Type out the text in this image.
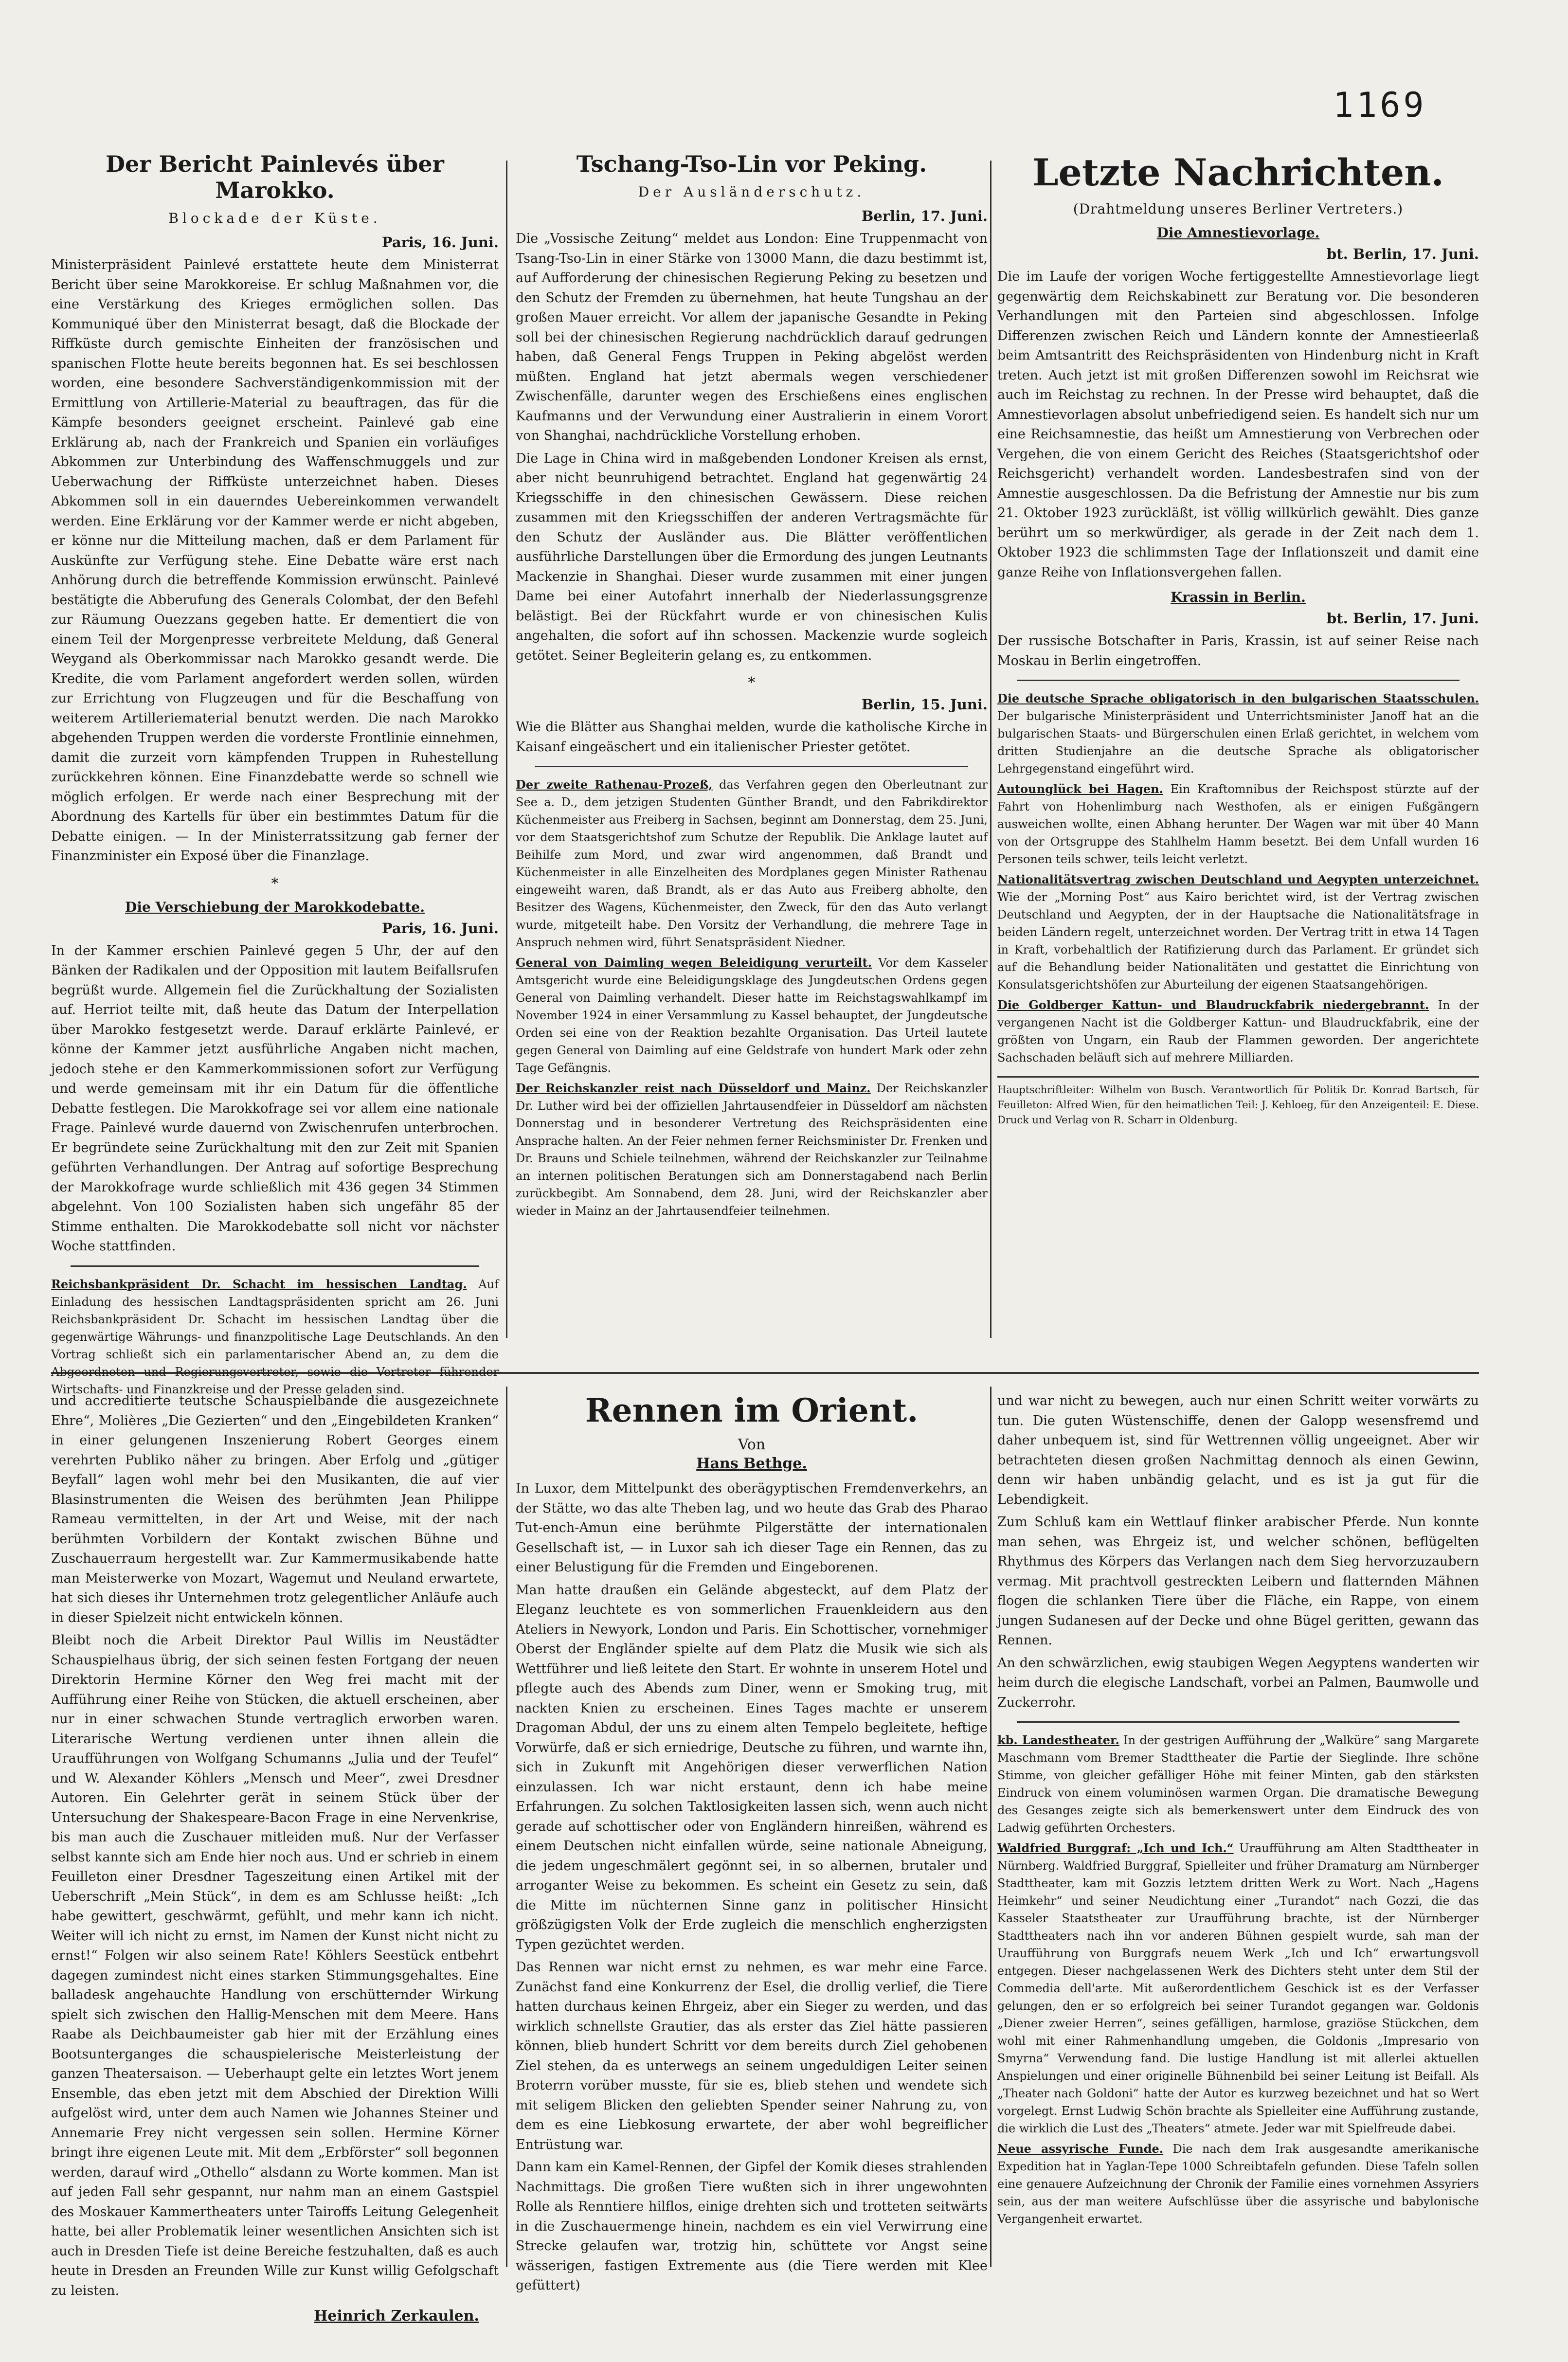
1169
Der Bericht Painlevés über Marokko.
Blockade der Küste.
Paris, 16. Juni.

Ministerpräsident Painlevé erstattete heute dem Ministerrat Bericht über seine Marokkoreise. Er schlug Maßnahmen vor, die eine Verstärkung des Krieges ermöglichen sollen. Das Kommuniqué über den Ministerrat besagt, daß die Blockade der Riffküste durch gemischte Einheiten der französischen und spanischen Flotte heute bereits begonnen hat. Es sei beschlossen worden, eine besondere Sachverständigenkommission mit der Ermittlung von Artillerie-Material zu beauftragen, das für die Kämpfe besonders geeignet erscheint. Painlevé gab eine Erklärung ab, nach der Frankreich und Spanien ein vorläufiges Abkommen zur Unterbindung des Waffenschmuggels und zur Ueberwachung der Riffküste unterzeichnet haben. Dieses Abkommen soll in ein dauerndes Uebereinkommen verwandelt werden. Eine Erklärung vor der Kammer werde er nicht abgeben, er könne nur die Mitteilung machen, daß er dem Parlament für Auskünfte zur Verfügung stehe. Eine Debatte wäre erst nach Anhörung durch die betreffende Kommission erwünscht. Painlevé bestätigte die Abberufung des Generals Colombat, der den Befehl zur Räumung Ouezzans gegeben hatte. Er dementiert die von einem Teil der Morgenpresse verbreitete Meldung, daß General Weygand als Oberkommissar nach Marokko gesandt werde. Die Kredite, die vom Parlament angefordert werden sollen, würden zur Errichtung von Flugzeugen und für die Beschaffung von weiterem Artilleriematerial benutzt werden. Die nach Marokko abgehenden Truppen werden die vorderste Frontlinie einnehmen, damit die zurzeit vorn kämpfenden Truppen in Ruhestellung zurückkehren können. Eine Finanzdebatte werde so schnell wie möglich erfolgen. Er werde nach einer Besprechung mit der Abordnung des Kartells für über ein bestimmtes Datum für die Debatte einigen. — In der Ministerratssitzung gab ferner der Finanzminister ein Exposé über die Finanzlage.

*
Die Verschiebung der Marokkodebatte.
Paris, 16. Juni.

In der Kammer erschien Painlevé gegen 5 Uhr, der auf den Bänken der Radikalen und der Opposition mit lautem Beifallsrufen begrüßt wurde. Allgemein fiel die Zurückhaltung der Sozialisten auf. Herriot teilte mit, daß heute das Datum der Interpellation über Marokko festgesetzt werde. Darauf erklärte Painlevé, er könne der Kammer jetzt ausführliche Angaben nicht machen, jedoch stehe er den Kammerkommissionen sofort zur Verfügung und werde gemeinsam mit ihr ein Datum für die öffentliche Debatte festlegen. Die Marokkofrage sei vor allem eine nationale Frage. Painlevé wurde dauernd von Zwischenrufen unterbrochen. Er begründete seine Zurückhaltung mit den zur Zeit mit Spanien geführten Verhandlungen. Der Antrag auf sofortige Besprechung der Marokkofrage wurde schließlich mit 436 gegen 34 Stimmen abgelehnt. Von 100 Sozialisten haben sich ungefähr 85 der Stimme enthalten. Die Marokkodebatte soll nicht vor nächster Woche stattfinden.

Reichsbankpräsident Dr. Schacht im hessischen Landtag. Auf Einladung des hessischen Landtagspräsidenten spricht am 26. Juni Reichsbankpräsident Dr. Schacht im hessischen Landtag über die gegenwärtige Währungs- und finanzpolitische Lage Deutschlands. An den Vortrag schließt sich ein parlamentarischer Abend an, zu dem die Abgeordneten und Regierungsvertreter, sowie die Vertreter führender Wirtschafts- und Finanzkreise und der Presse geladen sind.

Tschang-Tso-Lin vor Peking.
Der Ausländerschutz.
Berlin, 17. Juni.

Die „Vossische Zeitung“ meldet aus London: Eine Truppenmacht von Tsang-Tso-Lin in einer Stärke von 13000 Mann, die dazu bestimmt ist, auf Aufforderung der chinesischen Regierung Peking zu besetzen und den Schutz der Fremden zu übernehmen, hat heute Tungshau an der großen Mauer erreicht. Vor allem der japanische Gesandte in Peking soll bei der chinesischen Regierung nachdrücklich darauf gedrungen haben, daß General Fengs Truppen in Peking abgelöst werden müßten. England hat jetzt abermals wegen verschiedener Zwischenfälle, darunter wegen des Erschießens eines englischen Kaufmanns und der Verwundung einer Australierin in einem Vorort von Shanghai, nachdrückliche Vorstellung erhoben.

Die Lage in China wird in maßgebenden Londoner Kreisen als ernst, aber nicht beunruhigend betrachtet. England hat gegenwärtig 24 Kriegsschiffe in den chinesischen Gewässern. Diese reichen zusammen mit den Kriegsschiffen der anderen Vertragsmächte für den Schutz der Ausländer aus. Die Blätter veröffentlichen ausführliche Darstellungen über die Ermordung des jungen Leutnants Mackenzie in Shanghai. Dieser wurde zusammen mit einer jungen Dame bei einer Autofahrt innerhalb der Niederlassungsgrenze belästigt. Bei der Rückfahrt wurde er von chinesischen Kulis angehalten, die sofort auf ihn schossen. Mackenzie wurde sogleich getötet. Seiner Begleiterin gelang es, zu entkommen.

*
Berlin, 15. Juni.

Wie die Blätter aus Shanghai melden, wurde die katholische Kirche in Kaisanf eingeäschert und ein italienischer Priester getötet.

Der zweite Rathenau-Prozeß, das Verfahren gegen den Oberleutnant zur See a. D., dem jetzigen Studenten Günther Brandt, und den Fabrikdirektor Küchenmeister aus Freiberg in Sachsen, beginnt am Donnerstag, dem 25. Juni, vor dem Staatsgerichtshof zum Schutze der Republik. Die Anklage lautet auf Beihilfe zum Mord, und zwar wird angenommen, daß Brandt und Küchenmeister in alle Einzelheiten des Mordplanes gegen Minister Rathenau eingeweiht waren, daß Brandt, als er das Auto aus Freiberg abholte, den Besitzer des Wagens, Küchenmeister, den Zweck, für den das Auto verlangt wurde, mitgeteilt habe. Den Vorsitz der Verhandlung, die mehrere Tage in Anspruch nehmen wird, führt Senatspräsident Niedner.

General von Daimling wegen Beleidigung verurteilt. Vor dem Kasseler Amtsgericht wurde eine Beleidigungsklage des Jungdeutschen Ordens gegen General von Daimling verhandelt. Dieser hatte im Reichstagswahlkampf im November 1924 in einer Versammlung zu Kassel behauptet, der Jungdeutsche Orden sei eine von der Reaktion bezahlte Organisation. Das Urteil lautete gegen General von Daimling auf eine Geldstrafe von hundert Mark oder zehn Tage Gefängnis.

Der Reichskanzler reist nach Düsseldorf und Mainz. Der Reichskanzler Dr. Luther wird bei der offiziellen Jahrtausendfeier in Düsseldorf am nächsten Donnerstag und in besonderer Vertretung des Reichspräsidenten eine Ansprache halten. An der Feier nehmen ferner Reichsminister Dr. Frenken und Dr. Brauns und Schiele teilnehmen, während der Reichskanzler zur Teilnahme an internen politischen Beratungen sich am Donnerstagabend nach Berlin zurückbegibt. Am Sonnabend, dem 28. Juni, wird der Reichskanzler aber wieder in Mainz an der Jahrtausendfeier teilnehmen.

Letzte Nachrichten.
(Drahtmeldung unseres Berliner Vertreters.)
Die Amnestievorlage.
bt. Berlin, 17. Juni.

Die im Laufe der vorigen Woche fertiggestellte Amnestievorlage liegt gegenwärtig dem Reichskabinett zur Beratung vor. Die besonderen Verhandlungen mit den Parteien sind abgeschlossen. Infolge Differenzen zwischen Reich und Ländern konnte der Amnestieerlaß beim Amtsantritt des Reichspräsidenten von Hindenburg nicht in Kraft treten. Auch jetzt ist mit großen Differenzen sowohl im Reichsrat wie auch im Reichstag zu rechnen. In der Presse wird behauptet, daß die Amnestievorlagen absolut unbefriedigend seien. Es handelt sich nur um eine Reichsamnestie, das heißt um Amnestierung von Verbrechen oder Vergehen, die von einem Gericht des Reiches (Staatsgerichtshof oder Reichsgericht) verhandelt worden. Landesbestrafen sind von der Amnestie ausgeschlossen. Da die Befristung der Amnestie nur bis zum 21. Oktober 1923 zurückläßt, ist völlig willkürlich gewählt. Dies ganze berührt um so merkwürdiger, als gerade in der Zeit nach dem 1. Oktober 1923 die schlimmsten Tage der Inflationszeit und damit eine ganze Reihe von Inflationsvergehen fallen.

Krassin in Berlin.
bt. Berlin, 17. Juni.

Der russische Botschafter in Paris, Krassin, ist auf seiner Reise nach Moskau in Berlin eingetroffen.

Die deutsche Sprache obligatorisch in den bulgarischen Staatsschulen. Der bulgarische Ministerpräsident und Unterrichtsminister Janoff hat an die bulgarischen Staats- und Bürgerschulen einen Erlaß gerichtet, in welchem vom dritten Studienjahre an die deutsche Sprache als obligatorischer Lehrgegenstand eingeführt wird.

Autounglück bei Hagen. Ein Kraftomnibus der Reichspost stürzte auf der Fahrt von Hohenlimburg nach Westhofen, als er einigen Fußgängern ausweichen wollte, einen Abhang herunter. Der Wagen war mit über 40 Mann von der Ortsgruppe des Stahlhelm Hamm besetzt. Bei dem Unfall wurden 16 Personen teils schwer, teils leicht verletzt.

Nationalitätsvertrag zwischen Deutschland und Aegypten unterzeichnet. Wie der „Morning Post“ aus Kairo berichtet wird, ist der Vertrag zwischen Deutschland und Aegypten, der in der Hauptsache die Nationalitätsfrage in beiden Ländern regelt, unterzeichnet worden. Der Vertrag tritt in etwa 14 Tagen in Kraft, vorbehaltlich der Ratifizierung durch das Parlament. Er gründet sich auf die Behandlung beider Nationalitäten und gestattet die Einrichtung von Konsulatsgerichtshöfen zur Aburteilung der eigenen Staatsangehörigen.

Die Goldberger Kattun- und Blaudruckfabrik niedergebrannt. In der vergangenen Nacht ist die Goldberger Kattun- und Blaudruckfabrik, eine der größten von Ungarn, ein Raub der Flammen geworden. Der angerichtete Sachschaden beläuft sich auf mehrere Milliarden.

Hauptschriftleiter: Wilhelm von Busch. Verantwortlich für Politik Dr. Konrad Bartsch, für Feuilleton: Alfred Wien, für den heimatlichen Teil: J. Kehloeg, für den Anzeigenteil: E. Diese. Druck und Verlag von R. Scharr in Oldenburg.

und accreditierte teutsche Schauspielbande die ausgezeichnete Ehre“, Molières „Die Gezierten“ und den „Eingebildeten Kranken“ in einer gelungenen Inszenierung Robert Georges einem verehrten Publiko näher zu bringen. Aber Erfolg und „gütiger Beyfall“ lagen wohl mehr bei den Musikanten, die auf vier Blasinstrumenten die Weisen des berühmten Jean Philippe Rameau vermittelten, in der Art und Weise, mit der nach berühmten Vorbildern der Kontakt zwischen Bühne und Zuschauerraum hergestellt war. Zur Kammermusikabende hatte man Meisterwerke von Mozart, Wagemut und Neuland erwartete, hat sich dieses ihr Unternehmen trotz gelegentlicher Anläufe auch in dieser Spielzeit nicht entwickeln können.

Bleibt noch die Arbeit Direktor Paul Willis im Neustädter Schauspielhaus übrig, der sich seinen festen Fortgang der neuen Direktorin Hermine Körner den Weg frei macht mit der Aufführung einer Reihe von Stücken, die aktuell erscheinen, aber nur in einer schwachen Stunde vertraglich erworben waren. Literarische Wertung verdienen unter ihnen allein die Uraufführungen von Wolfgang Schumanns „Julia und der Teufel“ und W. Alexander Köhlers „Mensch und Meer“, zwei Dresdner Autoren. Ein Gelehrter gerät in seinem Stück über der Untersuchung der Shakespeare-Bacon Frage in eine Nervenkrise, bis man auch die Zuschauer mitleiden muß. Nur der Verfasser selbst kannte sich am Ende hier noch aus. Und er schrieb in einem Feuilleton einer Dresdner Tageszeitung einen Artikel mit der Ueberschrift „Mein Stück“, in dem es am Schlusse heißt: „Ich habe gewittert, geschwärmt, gefühlt, und mehr kann ich nicht. Weiter will ich nicht zu ernst, im Namen der Kunst nicht nicht zu ernst!“ Folgen wir also seinem Rate! Köhlers Seestück entbehrt dagegen zumindest nicht eines starken Stimmungsgehaltes. Eine balladesk angehauchte Handlung von erschütternder Wirkung spielt sich zwischen den Hallig-Menschen mit dem Meere. Hans Raabe als Deichbaumeister gab hier mit der Erzählung eines Bootsunterganges die schauspielerische Meisterleistung der ganzen Theatersaison. — Ueberhaupt gelte ein letztes Wort jenem Ensemble, das eben jetzt mit dem Abschied der Direktion Willi aufgelöst wird, unter dem auch Namen wie Johannes Steiner und Annemarie Frey nicht vergessen sein sollen. Hermine Körner bringt ihre eigenen Leute mit. Mit dem „Erbförster“ soll begonnen werden, darauf wird „Othello“ alsdann zu Worte kommen. Man ist auf jeden Fall sehr gespannt, nur nahm man an einem Gastspiel des Moskauer Kammertheaters unter Tairoffs Leitung Gelegenheit hatte, bei aller Problematik leiner wesentlichen Ansichten sich ist auch in Dresden Tiefe ist deine Bereiche festzuhalten, daß es auch heute in Dresden an Freunden Wille zur Kunst willig Gefolgschaft zu leisten.

Heinrich Zerkaulen.
Rennen im Orient.
Von
Hans Bethge.

In Luxor, dem Mittelpunkt des oberägyptischen Fremdenverkehrs, an der Stätte, wo das alte Theben lag, und wo heute das Grab des Pharao Tut-ench-Amun eine berühmte Pilgerstätte der internationalen Gesellschaft ist, — in Luxor sah ich dieser Tage ein Rennen, das zu einer Belustigung für die Fremden und Eingeborenen.

Man hatte draußen ein Gelände abgesteckt, auf dem Platz der Eleganz leuchtete es von sommerlichen Frauenkleidern aus den Ateliers in Newyork, London und Paris. Ein Schottischer, vornehmiger Oberst der Engländer spielte auf dem Platz die Musik wie sich als Wettführer und ließ leitete den Start. Er wohnte in unserem Hotel und pflegte auch des Abends zum Diner, wenn er Smoking trug, mit nackten Knien zu erscheinen. Eines Tages machte er unserem Dragoman Abdul, der uns zu einem alten Tempelo begleitete, heftige Vorwürfe, daß er sich erniedrige, Deutsche zu führen, und warnte ihn, sich in Zukunft mit Angehörigen dieser verwerflichen Nation einzulassen. Ich war nicht erstaunt, denn ich habe meine Erfahrungen. Zu solchen Taktlosigkeiten lassen sich, wenn auch nicht gerade auf schottischer oder von Engländern hinreißen, während es einem Deutschen nicht einfallen würde, seine nationale Abneigung, die jedem ungeschmälert gegönnt sei, in so albernen, brutaler und arroganter Weise zu bekommen. Es scheint ein Gesetz zu sein, daß die Mitte im nüchternen Sinne ganz in politischer Hinsicht größzügigsten Volk der Erde zugleich die menschlich engherzigsten Typen gezüchtet werden.

Das Rennen war nicht ernst zu nehmen, es war mehr eine Farce. Zunächst fand eine Konkurrenz der Esel, die drollig verlief, die Tiere hatten durchaus keinen Ehrgeiz, aber ein Sieger zu werden, und das wirklich schnellste Grautier, das als erster das Ziel hätte passieren können, blieb hundert Schritt vor dem bereits durch Ziel gehobenen Ziel stehen, da es unterwegs an seinem ungeduldigen Leiter seinen Broterrn vorüber musste, für sie es, blieb stehen und wendete sich mit seligem Blicken den geliebten Spender seiner Nahrung zu, von dem es eine Liebkosung erwartete, der aber wohl begreiflicher Entrüstung war.

Dann kam ein Kamel-Rennen, der Gipfel der Komik dieses strahlenden Nachmittags. Die großen Tiere wußten sich in ihrer ungewohnten Rolle als Renntiere hilflos, einige drehten sich und trotteten seitwärts in die Zuschauermenge hinein, nachdem es ein viel Verwirrung eine Strecke gelaufen war, trotzig hin, schüttete vor Angst seine wässerigen, fastigen Extremente aus (die Tiere werden mit Klee gefüttert)

und war nicht zu bewegen, auch nur einen Schritt weiter vorwärts zu tun. Die guten Wüstenschiffe, denen der Galopp wesensfremd und daher unbequem ist, sind für Wettrennen völlig ungeeignet. Aber wir betrachteten diesen großen Nachmittag dennoch als einen Gewinn, denn wir haben unbändig gelacht, und es ist ja gut für die Lebendigkeit.

Zum Schluß kam ein Wettlauf flinker arabischer Pferde. Nun konnte man sehen, was Ehrgeiz ist, und welcher schönen, beflügelten Rhythmus des Körpers das Verlangen nach dem Sieg hervorzuzaubern vermag. Mit prachtvoll gestreckten Leibern und flatternden Mähnen flogen die schlanken Tiere über die Fläche, ein Rappe, von einem jungen Sudanesen auf der Decke und ohne Bügel geritten, gewann das Rennen.

An den schwärzlichen, ewig staubigen Wegen Aegyptens wanderten wir heim durch die elegische Landschaft, vorbei an Palmen, Baumwolle und Zuckerrohr.

kb. Landestheater. In der gestrigen Aufführung der „Walküre“ sang Margarete Maschmann vom Bremer Stadttheater die Partie der Sieglinde. Ihre schöne Stimme, von gleicher gefälliger Höhe mit feiner Minten, gab den stärksten Eindruck von einem voluminösen warmen Organ. Die dramatische Bewegung des Gesanges zeigte sich als bemerkenswert unter dem Eindruck des von Ladwig geführten Orchesters.

Waldfried Burggraf: „Ich und Ich.“ Uraufführung am Alten Stadttheater in Nürnberg. Waldfried Burggraf, Spielleiter und früher Dramaturg am Nürnberger Stadttheater, kam mit Gozzis letztem dritten Werk zu Wort. Nach „Hagens Heimkehr“ und seiner Neudichtung einer „Turandot“ nach Gozzi, die das Kasseler Staatstheater zur Uraufführung brachte, ist der Nürnberger Stadttheaters nach ihn vor anderen Bühnen gespielt wurde, sah man der Uraufführung von Burggrafs neuem Werk „Ich und Ich“ erwartungsvoll entgegen. Dieser nachgelassenen Werk des Dichters steht unter dem Stil der Commedia dell'arte. Mit außerordentlichem Geschick ist es der Verfasser gelungen, den er so erfolgreich bei seiner Turandot gegangen war. Goldonis „Diener zweier Herren“, seines gefälligen, harmlose, graziöse Stückchen, dem wohl mit einer Rahmenhandlung umgeben, die Goldonis „Impresario von Smyrna“ Verwendung fand. Die lustige Handlung ist mit allerlei aktuellen Anspielungen und einer originelle Bühnenbild bei seiner Leitung ist Beifall. Als „Theater nach Goldoni“ hatte der Autor es kurzweg bezeichnet und hat so Wert vorgelegt. Ernst Ludwig Schön brachte als Spielleiter eine Aufführung zustande, die wirklich die Lust des „Theaters“ atmete. Jeder war mit Spielfreude dabei.

Neue assyrische Funde. Die nach dem Irak ausgesandte amerikanische Expedition hat in Yaglan-Tepe 1000 Schreibtafeln gefunden. Diese Tafeln sollen eine genauere Aufzeichnung der Chronik der Familie eines vornehmen Assyriers sein, aus der man weitere Aufschlüsse über die assyrische und babylonische Vergangenheit erwartet.
